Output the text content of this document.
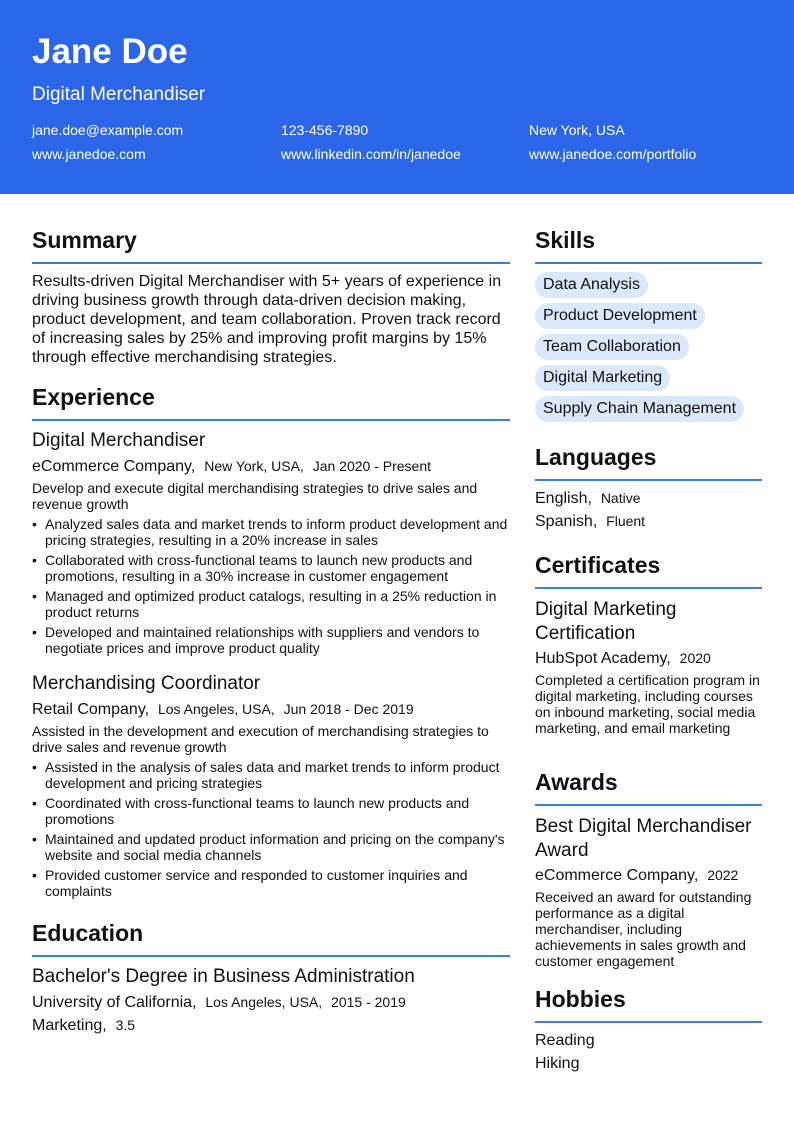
Jane Doe
Digital Merchandiser
jane.doe@example.com	123-456-7890	New York, USA
www.janedoe.com	www.linkedin.com/in/janedoe	www.janedoe.com/portfolio
Summary
Results-driven Digital Merchandiser with 5+ years of experience in driving business growth through data-driven decision making, product development, and team collaboration. Proven track record of increasing sales by 25% and improving profit margins by 15% through effective merchandising strategies.
Experience
Digital Merchandiser
eCommerce Company, New York, USA, Jan 2020 - Present
Develop and execute digital merchandising strategies to drive sales and revenue growth
• Analyzed sales data and market trends to inform product development and pricing strategies, resulting in a 20% increase in sales
• Collaborated with cross-functional teams to launch new products and promotions, resulting in a 30% increase in customer engagement
• Managed and optimized product catalogs, resulting in a 25% reduction in product returns
• Developed and maintained relationships with suppliers and vendors to negotiate prices and improve product quality
Merchandising Coordinator
Retail Company, Los Angeles, USA, Jun 2018 - Dec 2019
Assisted in the development and execution of merchandising strategies to drive sales and revenue growth
• Assisted in the analysis of sales data and market trends to inform product development and pricing strategies
• Coordinated with cross-functional teams to launch new products and promotions
• Maintained and updated product information and pricing on the company's website and social media channels
• Provided customer service and responded to customer inquiries and complaints
Education
Bachelor's Degree in Business Administration
University of California, Los Angeles, USA, 2015 - 2019
Marketing, 3.5
Skills
Data Analysis
Product Development
Team Collaboration
Digital Marketing
Supply Chain Management
Languages
English, Native
Spanish, Fluent
Certificates
Digital Marketing Certification
HubSpot Academy, 2020
Completed a certification program in digital marketing, including courses on inbound marketing, social media marketing, and email marketing
Awards
Best Digital Merchandiser Award
eCommerce Company, 2022
Received an award for outstanding performance as a digital merchandiser, including achievements in sales growth and customer engagement
Hobbies
Reading
Hiking
